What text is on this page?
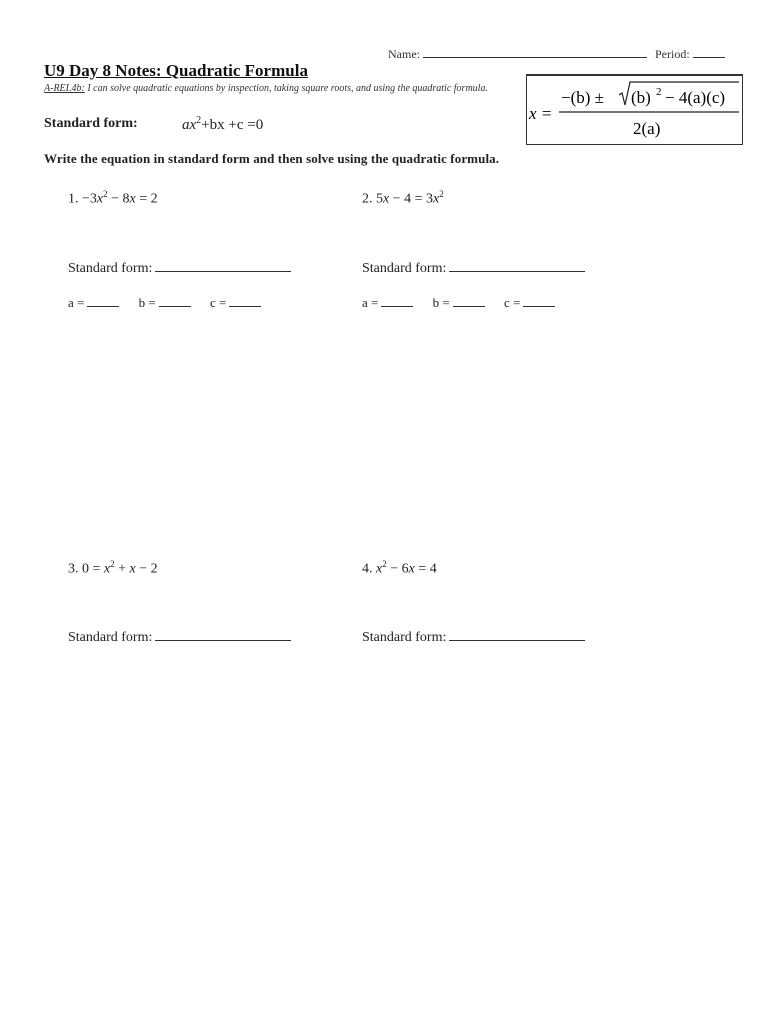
Name:	Period:
U9 Day 8 Notes: Quadratic Formula
A-REI.4b: I can solve quadratic equations by inspection, taking square roots, and using the quadratic formula.
Standard form:	$ax^2+bx +c =0$
x =
−(b) ± (b) 2 − 4(a)(c)
2(a)
Write the equation in standard form and then solve using the quadratic formula.
1. $-3x^2 - 8x = 2$	2. $5x - 4 = 3x^2$
Standard form:	Standard form:
a =	b =	c =	a =	b =	c =
3. $0 = x^2 + x - 2$	4. $x^2 - 6x = 4$
Standard form:	Standard form:
